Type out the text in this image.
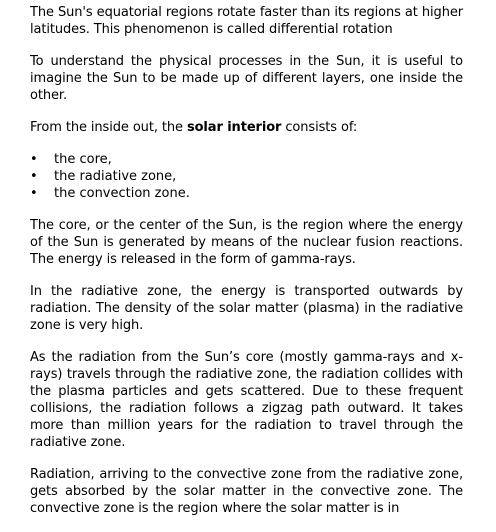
The Sun's equatorial regions rotate faster than its regions at higher latitudes. This phenomenon is called differential rotation

To understand the physical processes in the Sun, it is useful to imagine the Sun to be made up of different layers, one inside the other.

From the inside out, the solar interior consists of:

• the core,
• the radiative zone,
• the convection zone.

The core, or the center of the Sun, is the region where the energy of the Sun is generated by means of the nuclear fusion reactions. The energy is released in the form of gamma-rays.

In the radiative zone, the energy is transported outwards by radiation. The density of the solar matter (plasma) in the radiative zone is very high.

As the radiation from the Sun’s core (mostly gamma-rays and x-rays) travels through the radiative zone, the radiation collides with the plasma particles and gets scattered. Due to these frequent collisions, the radiation follows a zigzag path outward. It takes more than million years for the radiation to travel through the radiative zone.

Radiation, arriving to the convective zone from the radiative zone, gets absorbed by the solar matter in the convective zone. The convective zone is the region where the solar matter is in
